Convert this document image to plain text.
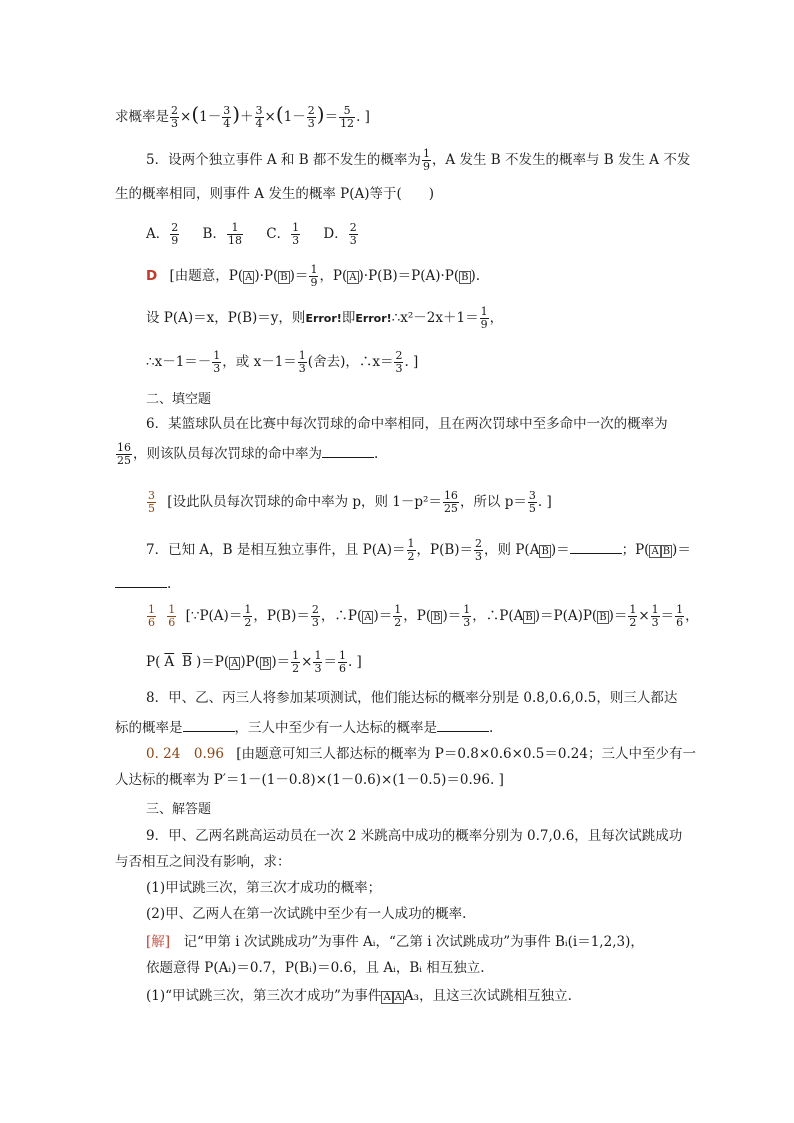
求概率是 $\frac{2}{3} \times(1- \frac{3}{4}$ )＋ $\frac{3}{4} \times(1- \frac{2}{3}$ )＝ $\frac{5}{12}$ . ]
5．设两个独立事件 A 和 B 都不发生的概率为 $\frac{1}{9}$ ，A 发生 B 不发生的概率与 B 发生 A 不发
生的概率相同，则事件 A 发生的概率 P(A)等于(　　)
A． $\frac{2}{9}$ B． $\frac{1}{18}$ C． $\frac{1}{3}$ D． $\frac{2}{3}$
D [由题意，P( A )·P( B )＝ $\frac{1}{9}$ ，P( A )·P(B)＝P(A)·P( B ).
设 P(A)＝x，P(B)＝y，则Error!即Error!∴x²－2x＋1＝ $\frac{1}{9}$ ，
∴x－1＝－ $\frac{1}{3}$ ，或 $x-1= \frac{1}{3}$ (舍去)，∴x＝ $\frac{2}{3}$ . ]
二、填空题
6．某篮球队员在比赛中每次罚球的命中率相同，且在两次罚球中至多命中一次的概率为
$\frac{16}{25}$ ，则该队员每次罚球的命中率为	.
$\frac{3}{5}$ [设此队员每次罚球的命中率为 p，则 $1-p^2= \frac{16}{25}$ ，所以 $p= \frac{3}{5}$ . ]
7．已知 A，B 是相互独立事件，且 $P(A)= \frac{1}{2}$ ，$P(B)= \frac{2}{3}$ ，则 P(A B )＝	；P( A B )＝
.
$\frac{1}{6}$
$\frac{1}{6}$ [∵P(A)＝ $\frac{1}{2}$ ，$P(B)= \frac{2}{3}$ ，∴P( A )＝ $\frac{1}{2}$ ，P( B )＝ $\frac{1}{3}$ ，∴P(A B )＝P(A)P( B )＝ $\frac{1}{2} \times \frac{1}{3} = \frac{1}{6}$ ，
P( $\overline{A}$ $\overline{B}$ )＝P( A )P( B )＝ $\frac{1}{2} \times \frac{1}{3} = \frac{1}{6}$ . ]
8．甲、乙、丙三人将参加某项测试，他们能达标的概率分别是 0.8,0.6,0.5，则三人都达
标的概率是	，三人中至少有一人达标的概率是	.
0. 24　0.96 [由题意可知三人都达标的概率为 P＝0.8×0.6×0.5＝0.24；三人中至少有一
人达标的概率为 P′＝1－(1－0.8)×(1－0.6)×(1－0.5)＝0.96. ]
三、解答题
9．甲、乙两名跳高运动员在一次 2 米跳高中成功的概率分别为 0.7,0.6，且每次试跳成功
与否相互之间没有影响，求：
(1)甲试跳三次，第三次才成功的概率；
(2)甲、乙两人在第一次试跳中至少有一人成功的概率.
[解]　记“甲第 i 次试跳成功”为事件 Aᵢ，“乙第 i 次试跳成功”为事件 Bᵢ(i＝1,2,3)，
依题意得 P(Aᵢ)＝0.7，P(Bᵢ)＝0.6，且 Aᵢ，Bᵢ 相互独立.
(1)“甲试跳三次，第三次才成功”为事件 A A A₃，且这三次试跳相互独立.
